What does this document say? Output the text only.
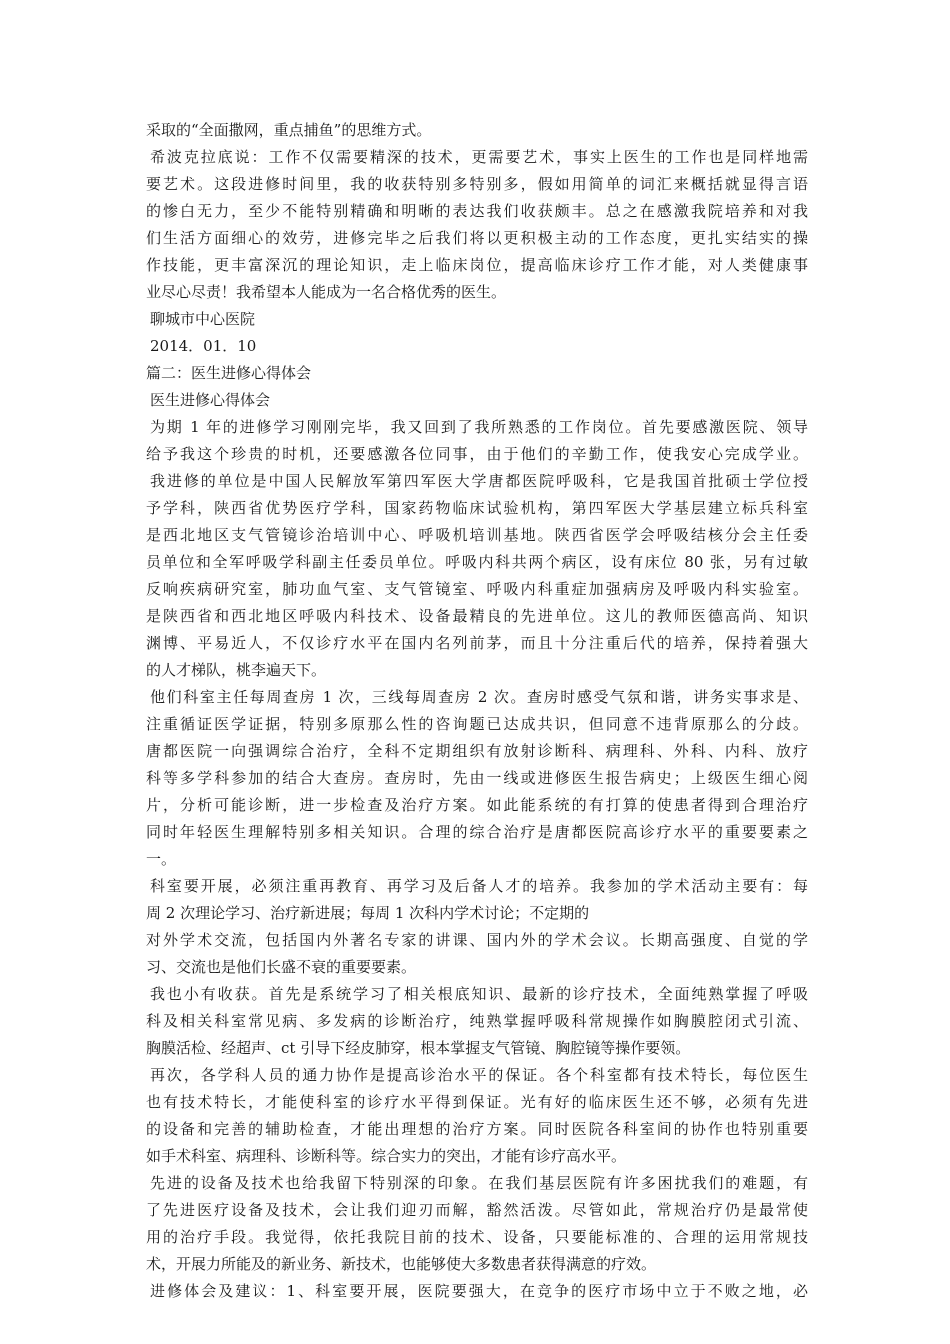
采取的“全面撒网，重点捕鱼”的思维方式。
希波克拉底说：工作不仅需要精深的技术，更需要艺术，事实上医生的工作也是同样地需
要艺术。这段进修时间里，我的收获特别多特别多，假如用简单的词汇来概括就显得言语
的惨白无力，至少不能特别精确和明晰的表达我们收获颇丰。总之在感激我院培养和对我
们生活方面细心的效劳，进修完毕之后我们将以更积极主动的工作态度，更扎实结实的操
作技能，更丰富深沉的理论知识，走上临床岗位，提高临床诊疗工作才能，对人类健康事
业尽心尽责！我希望本人能成为一名合格优秀的医生。
聊城市中心医院
2014．01．10
篇二：医生进修心得体会
医生进修心得体会
为期 1 年的进修学习刚刚完毕，我又回到了我所熟悉的工作岗位。首先要感激医院、领导
给予我这个珍贵的时机，还要感激各位同事，由于他们的辛勤工作，使我安心完成学业。
我进修的单位是中国人民解放军第四军医大学唐都医院呼吸科，它是我国首批硕士学位授
予学科，陕西省优势医疗学科，国家药物临床试验机构，第四军医大学基层建立标兵科室
是西北地区支气管镜诊治培训中心、呼吸机培训基地。陕西省医学会呼吸结核分会主任委
员单位和全军呼吸学科副主任委员单位。呼吸内科共两个病区，设有床位 80 张，另有过敏
反响疾病研究室，肺功血气室、支气管镜室、呼吸内科重症加强病房及呼吸内科实验室。
是陕西省和西北地区呼吸内科技术、设备最精良的先进单位。这儿的教师医德高尚、知识
渊博、平易近人，不仅诊疗水平在国内名列前茅，而且十分注重后代的培养，保持着强大
的人才梯队，桃李遍天下。
他们科室主任每周查房 1 次，三线每周查房 2 次。查房时感受气氛和谐，讲务实事求是、
注重循证医学证据，特别多原那么性的咨询题已达成共识，但同意不违背原那么的分歧。
唐都医院一向强调综合治疗，全科不定期组织有放射诊断科、病理科、外科、内科、放疗
科等多学科参加的结合大查房。查房时，先由一线或进修医生报告病史；上级医生细心阅
片，分析可能诊断，进一步检查及治疗方案。如此能系统的有打算的使患者得到合理治疗
同时年轻医生理解特别多相关知识。合理的综合治疗是唐都医院高诊疗水平的重要要素之
一。
科室要开展，必须注重再教育、再学习及后备人才的培养。我参加的学术活动主要有：每
周 2 次理论学习、治疗新进展；每周 1 次科内学术讨论；不定期的
对外学术交流，包括国内外著名专家的讲课、国内外的学术会议。长期高强度、自觉的学
习、交流也是他们长盛不衰的重要要素。
我也小有收获。首先是系统学习了相关根底知识、最新的诊疗技术，全面纯熟掌握了呼吸
科及相关科室常见病、多发病的诊断治疗，纯熟掌握呼吸科常规操作如胸膜腔闭式引流、
胸膜活检、经超声、ct 引导下经皮肺穿，根本掌握支气管镜、胸腔镜等操作要领。
再次，各学科人员的通力协作是提高诊治水平的保证。各个科室都有技术特长，每位医生
也有技术特长，才能使科室的诊疗水平得到保证。光有好的临床医生还不够，必须有先进
的设备和完善的辅助检查，才能出理想的治疗方案。同时医院各科室间的协作也特别重要
如手术科室、病理科、诊断科等。综合实力的突出，才能有诊疗高水平。
先进的设备及技术也给我留下特别深的印象。在我们基层医院有许多困扰我们的难题，有
了先进医疗设备及技术，会让我们迎刃而解，豁然活泼。尽管如此，常规治疗仍是最常使
用的治疗手段。我觉得，依托我院目前的技术、设备，只要能标准的、合理的运用常规技
术，开展力所能及的新业务、新技术，也能够使大多数患者获得满意的疗效。
进修体会及建议：1、科室要开展，医院要强大，在竞争的医疗市场中立于不败之地，必
